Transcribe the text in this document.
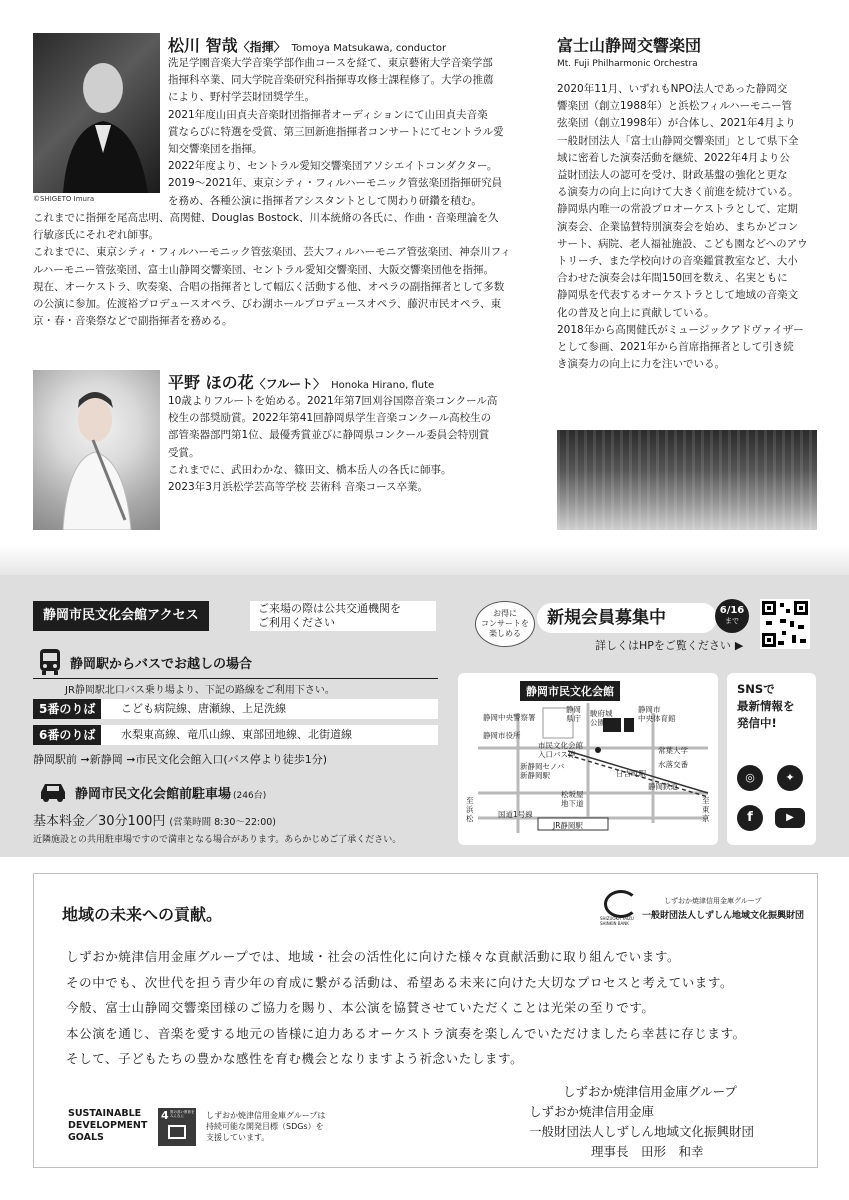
©SHIGETO Imura
松川 智哉〈指揮〉 Tomoya Matsukawa, conductor

洗足学園音楽大学音楽学部作曲コースを経て、東京藝術大学音楽学部

指揮科卒業、同大学院音楽研究科指揮専攻修士課程修了。大学の推薦

により、野村学芸財団奨学生。

2021年度山田貞夫音楽財団指揮者オーディションにて山田貞夫音楽

賞ならびに特選を受賞、第三回新進指揮者コンサートにてセントラル愛

知交響楽団を指揮。

2022年度より、セントラル愛知交響楽団アソシエイトコンダクター。

2019～2021年、東京シティ・フィルハーモニック管弦楽団指揮研究員

を務め、各種公演に指揮者アシスタントとして関わり研鑽を積む。

これまでに指揮を尾高忠明、高関健、Douglas Bostock、川本統脩の各氏に、作曲・音楽理論を久

行敏彦氏にそれぞれ師事。

これまでに、東京シティ・フィルハーモニック管弦楽団、芸大フィルハーモニア管弦楽団、神奈川フィ

ルハーモニー管弦楽団、富士山静岡交響楽団、セントラル愛知交響楽団、大阪交響楽団他を指揮。

現在、オーケストラ、吹奏楽、合唱の指揮者として幅広く活動する他、オペラの副指揮者として多数

の公演に参加。佐渡裕プロデュースオペラ、びわ湖ホールプロデュースオペラ、藤沢市民オペラ、東

京・春・音楽祭などで副指揮者を務める。

平野 ほの花〈フルート〉 Honoka Hirano, flute

10歳よりフルートを始める。2021年第7回刈谷国際音楽コンクール高

校生の部奨励賞。2022年第41回静岡県学生音楽コンクール高校生の

部管楽器部門第1位、最優秀賞並びに静岡県コンクール委員会特別賞

受賞。

これまでに、武田わかな、篠田文、橋本岳人の各氏に師事。

2023年3月浜松学芸高等学校 芸術科 音楽コース卒業。

富士山静岡交響楽団
Mt. Fuji Philharmonic Orchestra

2020年11月、いずれもNPO法人であった静岡交

響楽団（創立1988年）と浜松フィルハーモニー管

弦楽団（創立1998年）が合体し、2021年4月より

一般財団法人「富士山静岡交響楽団」として県下全

域に密着した演奏活動を継続、2022年4月より公

益財団法人の認可を受け、財政基盤の強化と更な

る演奏力の向上に向けて大きく前進を続けている。

静岡県内唯一の常設プロオーケストラとして、定期

演奏会、企業協賛特別演奏会を始め、まちかどコン

サート、病院、老人福祉施設、こども園などへのアウ

トリーチ、また学校向けの音楽鑑賞教室など、大小

合わせた演奏会は年間150回を数え、名実ともに

静岡県を代表するオーケストラとして地域の音楽文

化の普及と向上に貢献している。

2018年から高関健氏がミュージックアドヴァイザー

として参画、2021年から首席指揮者として引き続

き演奏力の向上に力を注いでいる。

静岡市民文化会館アクセス	ご来場の際は公共交通機関を
ご利用ください
静岡駅からバスでお越しの場合
JR静岡駅北口バス乗り場より、下記の路線をご利用下さい。
5番のりば	こども病院線、唐瀬線、上足洗線
6番のりば	水梨東高線、竜爪山線、東部団地線、北街道線
静岡駅前 ➞新静岡 ➞市民文化会館入口(バス停より徒歩1分)
静岡市民文化会館前駐車場 (246台)
基本料金／30分100円 (営業時間 8:30～22:00)
近隣施設との共用駐車場ですので満車となる場合があります。あらかじめご了承ください。
お得に
コンサートを
楽しめる
新規会員募集中	6/16
まで
詳しくはHPをご覧ください ▶
静岡市民文化会館
静岡中央警察署
静岡
県庁
駿府城
公園
静岡市
中央体育館
静岡市役所
市民文化会館
入口バス停	常葉大学
水落交番
新静岡セノバ
新静岡駅	日吉町駅
静岡鉄道
松坂屋
地下道
国道1号線
JR静岡駅
至
浜
松
至
東
京
SNSで
最新情報を
発信中!
◎	✦
f	▶
地域の未来への貢献。	SHIZUOKA YAIZU
SHINKIN BANK
しずおか焼津信用金庫グループ
一般財団法人しずしん地域文化振興財団
しずおか焼津信用金庫グループでは、地域・社会の活性化に向けた様々な貢献活動に取り組んでいます。
その中でも、次世代を担う青少年の育成に繋がる活動は、希望ある未来に向けた大切なプロセスと考えています。
今般、富士山静岡交響楽団様のご協力を賜り、本公演を協賛させていただくことは光栄の至りです。
本公演を通じ、音楽を愛する地元の皆様に迫力あるオーケストラ演奏を楽しんでいただけましたら幸甚に存じます。
そして、子どもたちの豊かな感性を育む機会となりますよう祈念いたします。
しずおか焼津信用金庫グループ
しずおか焼津信用金庫
一般財団法人しずしん地域文化振興財団
理事長　田形　和幸
SUSTAINABLE
DEVELOPMENT
GOALS
4 質の高い教育を
みんなに	しずおか焼津信用金庫グループは
持続可能な開発目標（SDGs）を
支援しています。
